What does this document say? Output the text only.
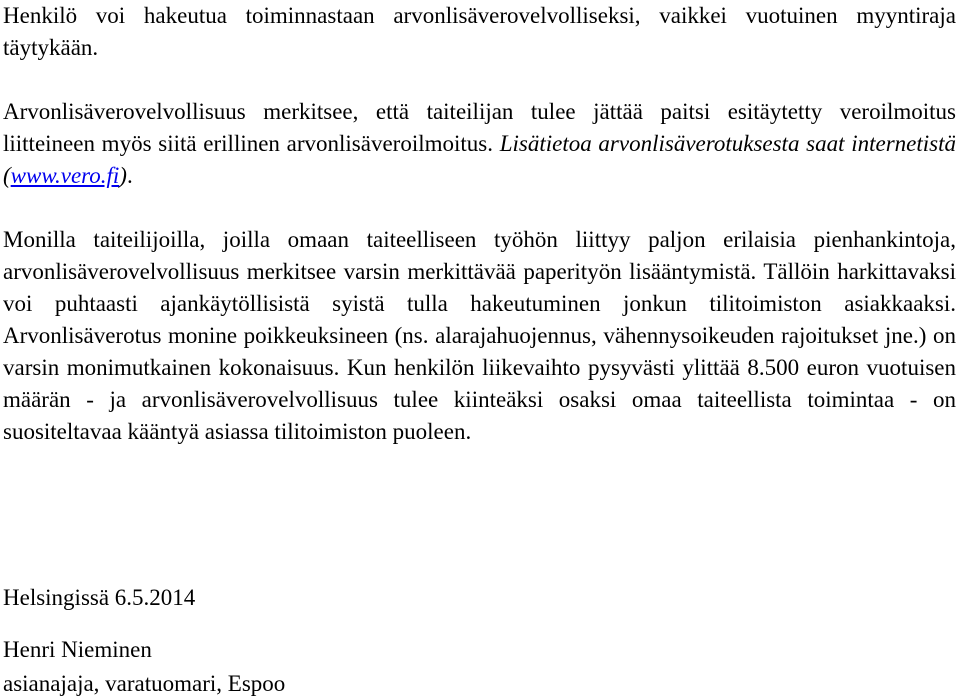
Henkilö voi hakeutua toiminnastaan arvonlisäverovelvolliseksi, vaikkei vuotuinen myyntiraja täytykään.

Arvonlisäverovelvollisuus merkitsee, että taiteilijan tulee jättää paitsi esitäytetty veroilmoitus liitteineen myös siitä erillinen arvonlisäveroilmoitus. Lisätietoa arvonlisäverotuksesta saat internetistä (www.vero.fi).

Monilla taiteilijoilla, joilla omaan taiteelliseen työhön liittyy paljon erilaisia pienhankintoja, arvonlisäverovelvollisuus merkitsee varsin merkittävää paperityön lisääntymistä. Tällöin harkittavaksi voi puhtaasti ajankäytöllisistä syistä tulla hakeutuminen jonkun tilitoimiston asiakkaaksi. Arvonlisäverotus monine poikkeuksineen (ns. alarajahuojennus, vähennysoikeuden rajoitukset jne.) on varsin monimutkainen kokonaisuus. Kun henkilön liikevaihto pysyvästi ylittää 8.500 euron vuotuisen määrän - ja arvonlisäverovelvollisuus tulee kiinteäksi osaksi omaa taiteellista toimintaa - on suositeltavaa kääntyä asiassa tilitoimiston puoleen.

Helsingissä 6.5.2014

Henri Nieminen

asianajaja, varatuomari, Espoo
